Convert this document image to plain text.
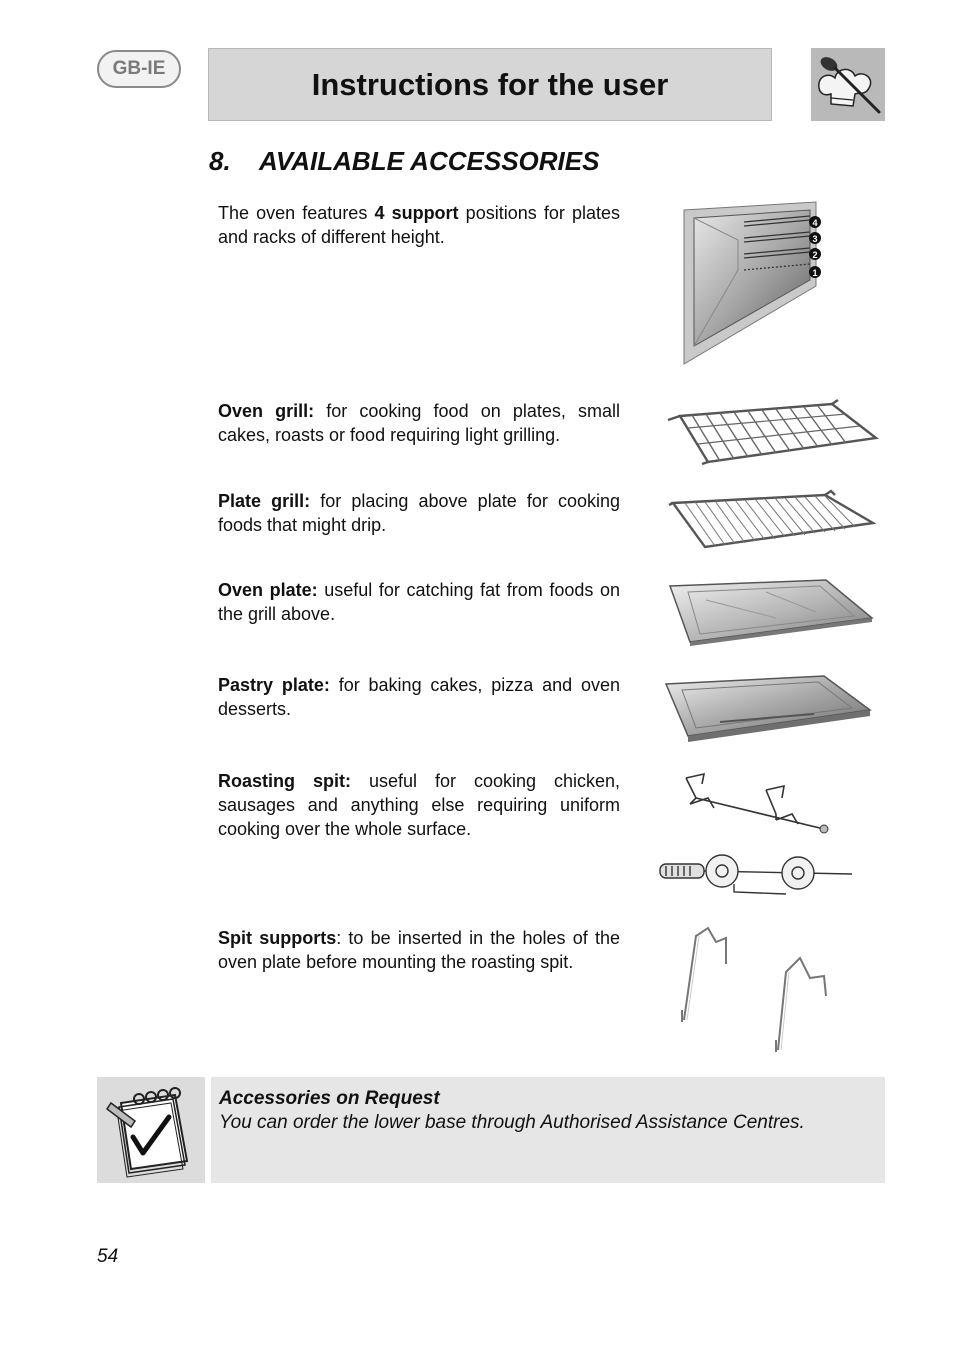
GB-IE	Instructions for the user
8. AVAILABLE ACCESSORIES
The oven features 4 support positions for plates and racks of different height.
4
3
2
1
Oven grill: for cooking food on plates, small cakes, roasts or food requiring light grilling.
Plate grill: for placing above plate for cooking foods that might drip.
Oven plate: useful for catching fat from foods on the grill above.
Pastry plate: for baking cakes, pizza and oven desserts.
Roasting spit: useful for cooking chicken, sausages and anything else requiring uniform cooking over the whole surface.
Spit supports: to be inserted in the holes of the oven plate before mounting the roasting spit.
Accessories on Request
You can order the lower base through Authorised Assistance Centres.
54
